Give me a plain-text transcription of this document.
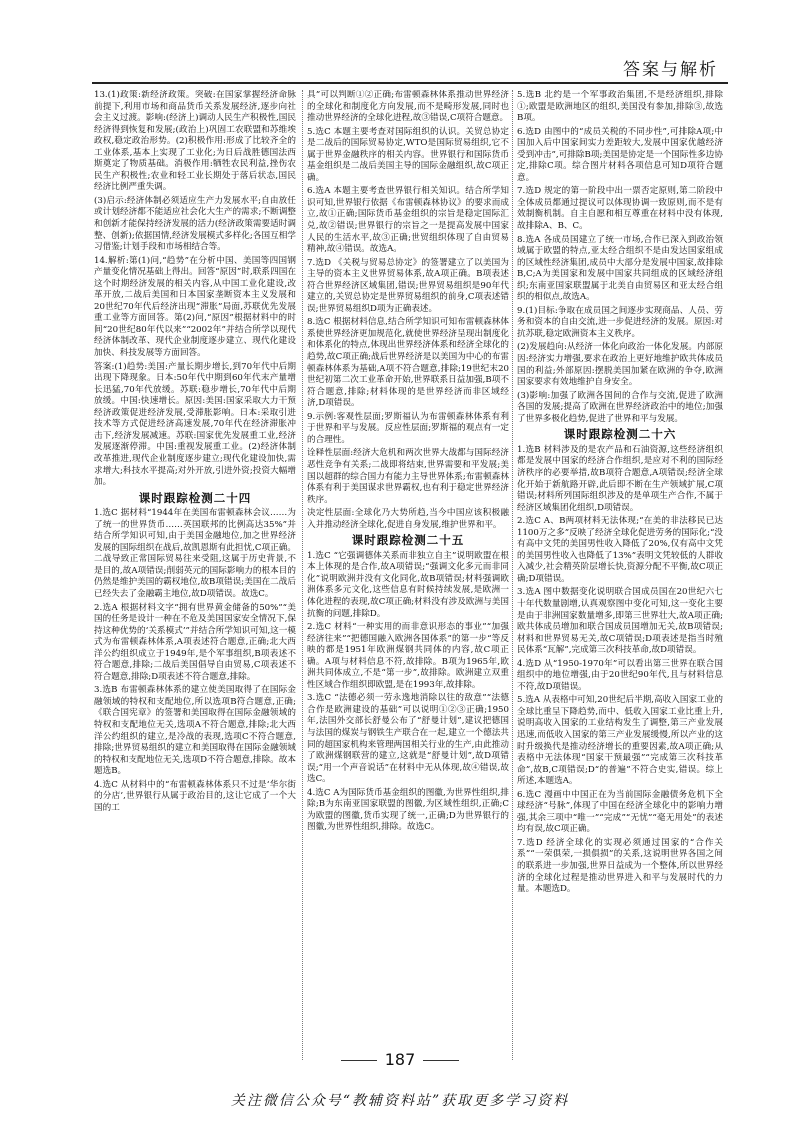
答案与解析

13.(1)政策:新经济政策。突破:在国家掌握经济命脉前提下,利用市场和商品货币关系发展经济,逐步向社会主义过渡。影响:(经济上)调动人民生产积极性,国民经济得到恢复和发展;(政治上)巩固工农联盟和苏维埃政权,稳定政治形势。(2)积极作用:形成了比较齐全的工业体系,基本上实现了工业化;为日后战胜德国法西斯奠定了物质基础。消极作用:牺牲农民利益,挫伤农民生产积极性;农业和轻工业长期处于落后状态,国民经济比例严重失调。

(3)启示:经济体制必须适应生产力发展水平;自由放任或计划经济都不能适应社会化大生产的需求;不断调整和创新才能保持经济发展的活力(经济政策需要适时调整、创新);依据国情,经济发展模式多样化;各国互相学习借鉴;计划手段和市场相结合等。

14.解析:第(1)问,“趋势”在分析中国、美国等四国钢产量变化情况基础上得出。回答“原因”时,联系四国在这个时期经济发展的相关内容,从中国工业化建设,改革开放,二战后美国和日本国家垄断资本主义发展和20世纪70年代后经济出现“滞胀”局面,苏联优先发展重工业等方面回答。第(2)问,“原因”根据材料中的时间“20世纪80年代以来”“2002年”并结合所学以现代经济体制改革、现代企业制度逐步建立、现代化建设加快、科技发展等方面回答。

答案:(1)趋势:美国:产量长期步增长,到70年代中后期出现下降现象。日本:50年代中期到60年代末产量增长迅猛,70年代放缓。苏联:稳步增长,70年代中后期放缓。中国:快速增长。原因:美国:国家采取大力干预经济政策促进经济发展,受滞胀影响。日本:采取引进技术等方式促进经济高速发展,70年代在经济滞胀冲击下,经济发展减速。苏联:国家优先发展重工业,经济发展逐渐停滞。中国:重视发展重工业。(2)经济体制改革推进,现代企业制度逐步建立;现代化建设加快,需求增大;科技水平提高;对外开放,引进外资;投资大幅增加。

课时跟踪检测二十四

1.选C 据材料“1944年在美国布雷顿森林会议……为了统一的世界货币……英国联邦的比例高达35%”并结合所学知识可知,由于美国金融地位,加之世界经济发展的国际组织在战后,故凯恩斯有此担忧,C项正确。二战导致正常国际贸易往来受阻,这属于历史背景,不是目的,故A项错误;削弱英元的国际影响力的根本目的仍然是维护美国的霸权地位,故B项错误;美国在二战后已经失去了金融霸主地位,故D项错误。故选C。

2.选A 根据材料文字“拥有世界黄金储备的50%”“美国的任务是设计一种在不危及美国国家安全情况下,保持这种优势的‘关系模式’”并结合所学知识可知,这一模式为布雷顿森林体系,A项表述符合题意,正确;北大西洋公约组织成立于1949年,是个军事组织,B项表述不符合题意,排除;二战后美国倡导自由贸易,C项表述不符合题意,排除;D项表述不符合题意,排除。

3.选B 布雷顿森林体系的建立使美国取得了在国际金融领域的特权和支配地位,所以选项B符合题意,正确;《联合国宪章》的签署和美国取得在国际金融领域的特权和支配地位无关,选项A不符合题意,排除;北大西洋公约组织的建立,是冷战的表现,选项C不符合题意,排除;世界贸易组织的建立和美国取得在国际金融领域的特权和支配地位无关,选项D不符合题意,排除。故本题选B。

4.选C 从材料中的“布雷顿森林体系只不过是‘华尔街的分店’,世界银行从属于政治目的,这让它成了一个大国的工

具”可以判断①②正确;布雷顿森林体系推动世界经济的全球化和制度化方向发展,而不是畸形发展,同时也推动世界经济的全球化进程,故③错误,C项符合题意。

5.选C 本题主要考查对国际组织的认识。关贸总协定是二战后的国际贸易协定,WTO是国际贸易组织,它不属于世界金融秩序的相关内容。世界银行和国际货币基金组织是二战后美国主导的国际金融组织,故C项正确。

6.选A 本题主要考查世界银行相关知识。结合所学知识可知,世界银行依据《布雷顿森林协议》的要求而成立,故①正确;国际货币基金组织的宗旨是稳定国际汇兑,故②错误;世界银行的宗旨之一是提高发展中国家人民的生活水平,故③正确;世贸组织体现了自由贸易精神,故④错误。故选A。

7.选D 《关税与贸易总协定》的签署建立了以美国为主导的资本主义世界贸易体系,故A项正确。B项表述符合世界经济区域集团,错误;世界贸易组织是90年代建立的,关贸总协定是世界贸易组织的前身,C项表述错误;世界贸易组织D项为正确表述。

8.选C 根据材料信息,结合所学知识可知布雷顿森林体系使世界经济更加规范化,就使世界经济呈现出制度化和体系化的特点,体现出世界经济体系和经济全球化的趋势,故C项正确;战后世界经济是以美国为中心的布雷顿森林体系为基础,A项不符合题意,排除;19世纪末20世纪初第二次工业革命开始,世界联系日益加强,B项不符合题意,排除;材料体现的是世界经济而非区域经济,D项错误。

9.示例:客观性层面;罗斯福认为布雷顿森林体系有利于世界和平与发展。反应性层面;罗斯福的观点有一定的合理性。

诠释性层面:经济大危机和两次世界大战都与国际经济恶性竞争有关系;二战即将结束,世界需要和平发展;美国以超群的综合国力有能力主导世界体系;布雷顿森林体系有利于美国谋求世界霸权,也有利于稳定世界经济秩序。

决定性层面:全球化乃大势所趋,当今中国应该积极融入并推动经济全球化,促进自身发展,维护世界和平。

课时跟踪检测二十五

1.选C “它强调德体关系而非独立自主”说明欧盟在根本上体现的是合作,故A项错误;“强调文化多元而非同化”说明欧洲并没有文化同化,故B项错误;材料强调欧洲体系多元文化,这些信息有时候持续发展,是欧洲一体化进程的表现,故C项正确;材料没有涉及欧洲与美国抗衡的问题,排除D。

2.选C 材料“一种实用的而非意识形态的事业”“加强经济往来”“把德国融入欧洲各国体系”的第一步“等反映的都是1951年欧洲煤钢共同体的内容,故C项正确。A项与材料信息不符,故排除。B项为1965年,欧洲共同体成立,不是“第一步”,故排除。欧洲建立双重性区域合作组织即欧盟,是在1993年,故排除。

3.选C “法德必须一劳永逸地消除以往的敌意”“法德合作是欧洲建设的基础”可以说明①②③正确;1950年,法国外交部长舒曼公布了“舒曼计划”,建议把德国与法国的煤炭与钢铁生产联合在一起,建立一个德法共同的超国家机构来管理两国相关行业的生产,由此推动了欧洲煤钢联营的建立,这就是“舒曼计划”,故D项错误;“用一个声音说话”在材料中无从体现,故④错误,故选C。

4.选C A为国际货币基金组织的图徽,为世界性组织,排除;B为东南亚国家联盟的图徽,为区域性组织,正确;C为欧盟的图徽,货币实现了统一,正确;D为世界银行的图徽,为世界性组织,排除。故选C。

5.选B 北约是一个军事政治集团,不是经济组织,排除①;欧盟是欧洲地区的组织,美国没有参加,排除③,故选B项。

6.选D 由图中的“成员关税的不同步性”,可排除A项;中国加入后中国家间实力差距较大,发展中国家优越经济受到冲击”,可排除B项;美国是协定是一个国际性多边协定,排除C项。综合图片材料各项信息可知D项符合题意。

7.选D 规定的第一阶段中出一票否定原则,第二阶段中全体成员都通过提议可以体现协调一致原则,而不是有效制衡机制。自主自愿和相互尊重在材料中没有体现,故排除A、B、C。

8.选A 各成员国建立了统一市场,合作已深入到政治领域属于欧盟的特点,亚太经合组织不是由发达国家组成的区域性经济集团,成员中大部分是发展中国家,故排除B,C;A为美国家和发展中国家共同组成的区域经济组织;东南亚国家联盟属于北美自由贸易区和亚太经合组织的相似点,故选A。

9.(1)目标:争取在成员国之间逐步实现商品、人员、劳务和资本的自由交流,进一步促进经济的发展。原因:对抗苏联,稳定欧洲资本主义秩序。

(2)发展趋向:从经济一体化向政治一体化发展。内部原因:经济实力增强,要求在政治上更好地维护欧共体成员国的利益;外部原因:摆脱美国加紧在欧洲的争夺,欧洲国家要求有效地维护自身安全。

(3)影响:加强了欧洲各国间的合作与交流,促进了欧洲各国的发展;提高了欧洲在世界经济政治中的地位;加强了世界多极化趋势,促进了世界和平与发展。

课时跟踪检测二十六

1.选B 材料涉及的是农产品和石油资源,这些经济组织都是发展中国家的经济合作组织,是应对不利的国际经济秩序的必要举措,故B项符合题意,A项错误;经济全球化开始于新航路开辟,此后即不断在生产领域扩展,C项错误;材料所列国际组织涉及的是单项生产合作,不属于经济区域集团化组织,D项错误。

2.选C A、B两项材料无法体现;“在美的非法移民已达1100万之多”反映了经济全球化促进劳务的国际化;“没有高中文凭的美国男性收入降低了20%,仅有高中文凭的美国男性收入也降低了13%”表明文凭较低的人群收入减少,社会精英阶层增长快,资源分配不平衡,故C项正确;D项错误。

3.选A 图中数据变化说明联合国成员国在20世纪六七十年代数量剧增,认真观察图中变化可知,这一变化主要是由于非洲国家数量增多,即第三世界壮大,故A项正确;欧共体成员增加和联合国成员国增加无关,故B项错误;材料和世界贸易无关,故C项错误;D项表述是指当时殖民体系“瓦解”,完成第三次科技革命,故D项错误。

4.选D 从“1950-1970年”可以看出第三世界在联合国组织中的地位增强,由于20世纪90年代,且与材料信息不符,故D项错误。

5.选A 从表格中可知,20世纪后半期,高收入国家工业的全球比重呈下降趋势,而中、低收入国家工业比重上升,说明高收入国家的工业结构发生了调整,第三产业发展迅速,而低收入国家的第三产业发展缓慢,所以产业的这时升级换代是推动经济增长的重要因素,故A项正确;从表格中无法体现“国家干预最强”“完成第三次科技革命”,故B,C项错误;D“的普遍”不符合史实,错误。综上所述,本题选A。

6.选C 漫画中中国正在为当前国际金融债务危机下全球经济“号脉”,体现了中国在经济全球化中的影响力增强,其余三项中“唯一”“完成”“无忧”“毫无用处”的表述均有误,故C项正确。

7.选D 经济全球化的实现必须通过国家的“合作关系”“一荣俱荣,一损俱损”的关系,这说明世界各国之间的联系进一步加强,世界日益成为一个整体,所以世界经济的全球化过程是推动世界进入和平与发展时代的力量。本题选D。

187
关注微信公众号“教辅资料站”获取更多学习资料
